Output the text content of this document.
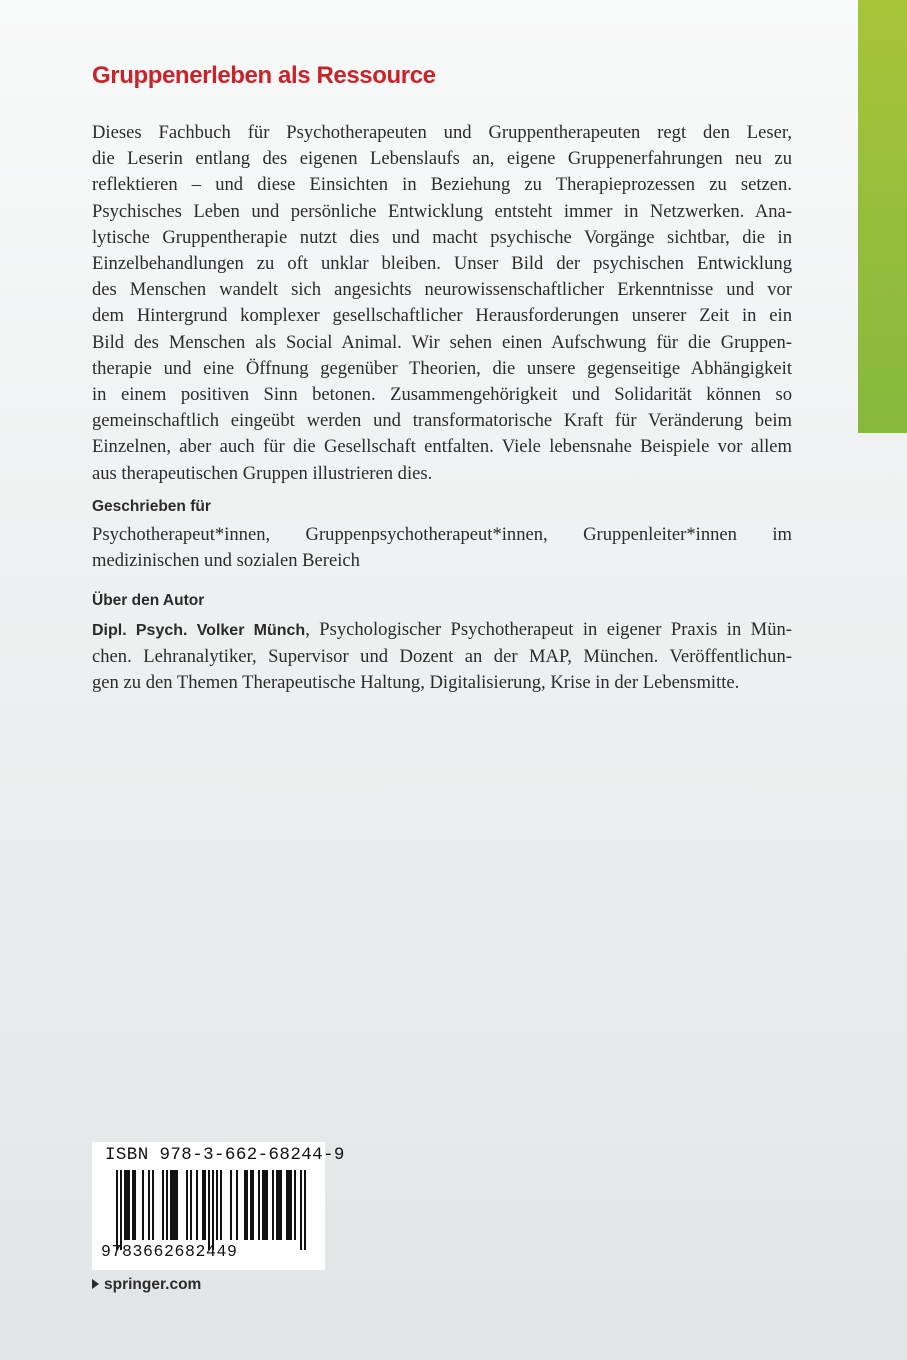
Gruppenerleben als Ressource
Dieses Fachbuch für Psychotherapeuten und Gruppentherapeuten regt den Leser,
die Leserin entlang des eigenen Lebenslaufs an, eigene Gruppenerfahrungen neu zu
reflektieren – und diese Einsichten in Beziehung zu Therapieprozessen zu setzen.
Psychisches Leben und persönliche Entwicklung entsteht immer in Netzwerken. Ana-
lytische Gruppentherapie nutzt dies und macht psychische Vorgänge sichtbar, die in
Einzelbehandlungen zu oft unklar bleiben. Unser Bild der psychischen Entwicklung
des Menschen wandelt sich angesichts neurowissenschaftlicher Erkenntnisse und vor
dem Hintergrund komplexer gesellschaftlicher Herausforderungen unserer Zeit in ein
Bild des Menschen als Social Animal. Wir sehen einen Aufschwung für die Gruppen-
therapie und eine Öffnung gegenüber Theorien, die unsere gegenseitige Abhängigkeit
in einem positiven Sinn betonen. Zusammengehörigkeit und Solidarität können so
gemeinschaftlich eingeübt werden und transformatorische Kraft für Veränderung beim
Einzelnen, aber auch für die Gesellschaft entfalten. Viele lebensnahe Beispiele vor allem
aus therapeutischen Gruppen illustrieren dies.
Geschrieben für
Psychotherapeut*innen, Gruppenpsychotherapeut*innen, Gruppenleiter*innen im
medizinischen und sozialen Bereich
Über den Autor
Dipl. Psych. Volker Münch, Psychologischer Psychotherapeut in eigener Praxis in Mün-
chen. Lehranalytiker, Supervisor und Dozent an der MAP, München. Veröffentlichun-
gen zu den Themen Therapeutische Haltung, Digitalisierung, Krise in der Lebensmitte.

ISBN 978-3-662-68244-9

9783662682449

springer.com
